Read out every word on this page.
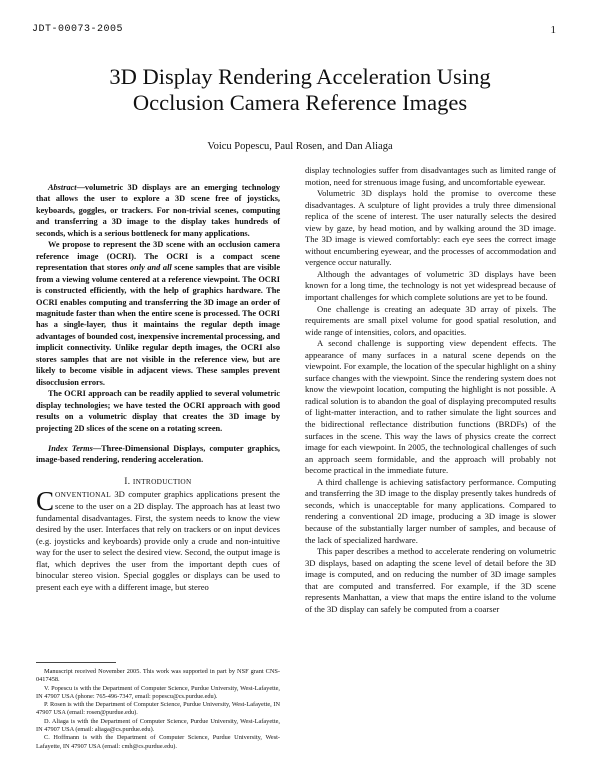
JDT-00073-2005	1
3D Display Rendering Acceleration Using
Occlusion Camera Reference Images
Voicu Popescu, Paul Rosen, and Dan Aliaga

Abstract—volumetric 3D displays are an emerging technology that allows the user to explore a 3D scene free of joysticks, keyboards, goggles, or trackers. For non-trivial scenes, computing and transferring a 3D image to the display takes hundreds of seconds, which is a serious bottleneck for many applications.

We propose to represent the 3D scene with an occlusion camera reference image (OCRI). The OCRI is a compact scene representation that stores only and all scene samples that are visible from a viewing volume centered at a reference viewpoint. The OCRI is constructed efficiently, with the help of graphics hardware. The OCRI enables computing and transferring the 3D image an order of magnitude faster than when the entire scene is processed. The OCRI has a single-layer, thus it maintains the regular depth image advantages of bounded cost, inexpensive incremental processing, and implicit connectivity. Unlike regular depth images, the OCRI also stores samples that are not visible in the reference view, but are likely to become visible in adjacent views. These samples prevent disocclusion errors.

The OCRI approach can be readily applied to several volumetric display technologies; we have tested the OCRI approach with good results on a volumetric display that creates the 3D image by projecting 2D slices of the scene on a rotating screen.

Index Terms—Three-Dimensional Displays, computer graphics, image-based rendering, rendering acceleration.

I. INTRODUCTION

CONVENTIONAL 3D computer graphics applications present the scene to the user on a 2D display. The approach has at least two fundamental disadvantages. First, the system needs to know the view desired by the user. Interfaces that rely on trackers or on input devices (e.g. joysticks and keyboards) provide only a crude and non-intuitive way for the user to select the desired view. Second, the output image is flat, which deprives the user from the important depth cues of binocular stereo vision. Special goggles or displays can be used to present each eye with a different image, but stereo

Manuscript received November 2005. This work was supported in part by NSF grant CNS-0417458.

V. Popescu is with the Department of Computer Science, Purdue University, West-Lafayette, IN 47907 USA (phone: 765-496-7347, email: popescu@cs.purdue.edu).

P. Rosen is with the Department of Computer Science, Purdue University, West-Lafayette, IN 47907 USA (email: rosen@purdue.edu).

D. Aliaga is with the Department of Computer Science, Purdue University, West-Lafayette, IN 47907 USA (email: aliaga@cs.purdue.edu).

C. Hoffmann is with the Department of Computer Science, Purdue University, West-Lafayette, IN 47907 USA (email: cmh@cs.purdue.edu).

display technologies suffer from disadvantages such as limited range of motion, need for strenuous image fusing, and uncomfortable eyewear.

Volumetric 3D displays hold the promise to overcome these disadvantages. A sculpture of light provides a truly three dimensional replica of the scene of interest. The user naturally selects the desired view by gaze, by head motion, and by walking around the 3D image. The 3D image is viewed comfortably: each eye sees the correct image without encumbering eyewear, and the processes of accommodation and vergence occur naturally.

Although the advantages of volumetric 3D displays have been known for a long time, the technology is not yet widespread because of important challenges for which complete solutions are yet to be found.

One challenge is creating an adequate 3D array of pixels. The requirements are small pixel volume for good spatial resolution, and wide range of intensities, colors, and opacities.

A second challenge is supporting view dependent effects. The appearance of many surfaces in a natural scene depends on the viewpoint. For example, the location of the specular highlight on a shiny surface changes with the viewpoint. Since the rendering system does not know the viewpoint location, computing the highlight is not possible. A radical solution is to abandon the goal of displaying precomputed results of light-matter interaction, and to rather simulate the light sources and the bidirectional reflectance distribution functions (BRDFs) of the surfaces in the scene. This way the laws of physics create the correct image for each viewpoint. In 2005, the technological challenges of such an approach seem formidable, and the approach will probably not become practical in the immediate future.

A third challenge is achieving satisfactory performance. Computing and transferring the 3D image to the display presently takes hundreds of seconds, which is unacceptable for many applications. Compared to rendering a conventional 2D image, producing a 3D image is slower because of the substantially larger number of samples, and because of the lack of specialized hardware.

This paper describes a method to accelerate rendering on volumetric 3D displays, based on adapting the scene level of detail before the 3D image is computed, and on reducing the number of 3D image samples that are computed and transferred. For example, if the 3D scene represents Manhattan, a view that maps the entire island to the volume of the 3D display can safely be computed from a coarser
